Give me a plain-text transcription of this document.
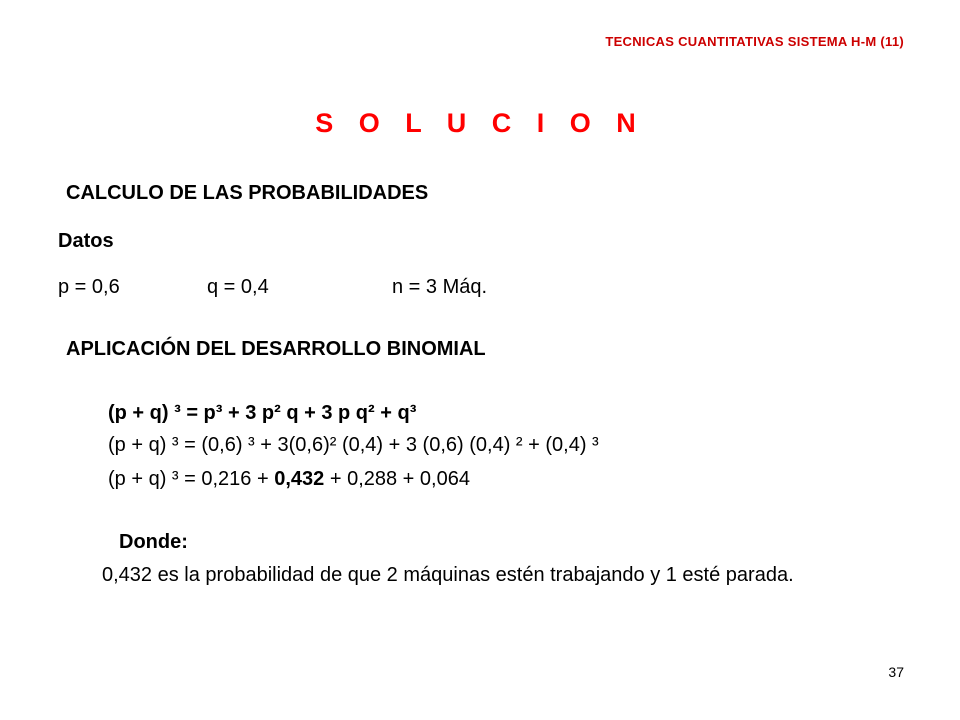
TECNICAS CUANTITATIVAS SISTEMA H-M (11)
S O L U C I O N
CALCULO DE LAS PROBABILIDADES
Datos
p = 0,6	q = 0,4	n = 3 Máq.
APLICACIÓN DEL DESARROLLO BINOMIAL
(p + q) ³ = p³ + 3 p² q + 3 p q² + q³
(p + q) ³ = (0,6) ³ + 3(0,6)² (0,4) + 3 (0,6) (0,4) ² + (0,4) ³
(p + q) ³ = 0,216 + 0,432 + 0,288 + 0,064
Donde:
0,432 es la probabilidad de que 2 máquinas estén trabajando y 1 esté parada.
37
